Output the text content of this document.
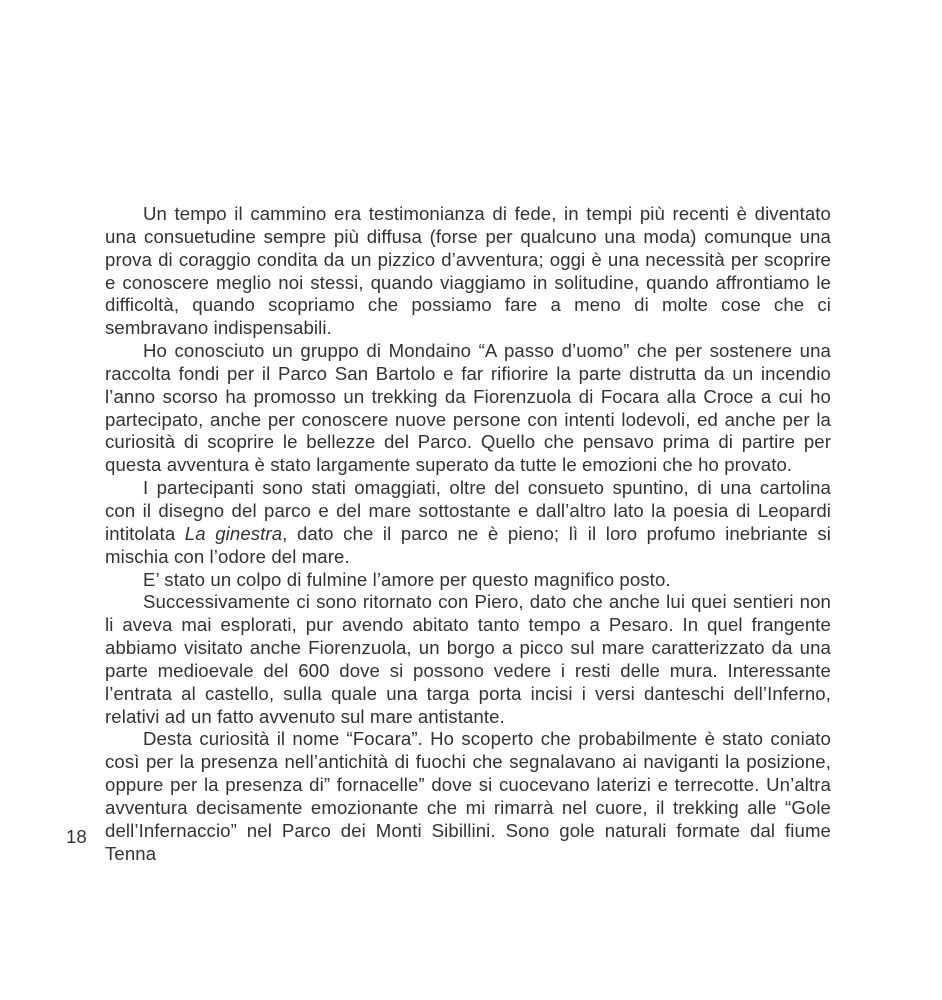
18

Un tempo il cammino era testimonianza di fede, in tempi più recenti è diventato una consuetudine sempre più diffusa (forse per qualcuno una moda) comunque una prova di coraggio condita da un pizzico d’avventura; oggi è una necessità per scoprire e conoscere meglio noi stessi, quando viaggiamo in solitudine, quando affrontiamo le difficoltà, quando scopriamo che possiamo fare a meno di molte cose che ci sembravano indispensabili.

Ho conosciuto un gruppo di Mondaino “A passo d’uomo” che per sostenere una raccolta fondi per il Parco San Bartolo e far rifiorire la parte distrutta da un incendio l’anno scorso ha promosso un trekking da Fiorenzuola di Focara alla Croce a cui ho partecipato, anche per conoscere nuove persone con intenti lodevoli, ed anche per la curiosità di scoprire le bellezze del Parco. Quello che pensavo prima di partire per questa avventura è stato largamente superato da tutte le emozioni che ho provato.

I partecipanti sono stati omaggiati, oltre del consueto spuntino, di una cartolina con il disegno del parco e del mare sottostante e dall’altro lato la poesia di Leopardi intitolata La ginestra, dato che il parco ne è pieno; lì il loro profumo inebriante si mischia con l’odore del mare.

E’ stato un colpo di fulmine l’amore per questo magnifico posto.

Successivamente ci sono ritornato con Piero, dato che anche lui quei sentieri non li aveva mai esplorati, pur avendo abitato tanto tempo a Pesaro. In quel frangente abbiamo visitato anche Fiorenzuola, un borgo a picco sul mare caratterizzato da una parte medioevale del 600 dove si possono vedere i resti delle mura. Interessante l’entrata al castello, sulla quale una targa porta incisi i versi danteschi dell’Inferno, relativi ad un fatto avvenuto sul mare antistante.

Desta curiosità il nome “Focara”. Ho scoperto che probabilmente è stato coniato così per la presenza nell’antichità di fuochi che segnalavano ai naviganti la posizione, oppure per la presenza di” fornacelle” dove si cuocevano laterizi e terrecotte. Un’altra avventura decisamente emozionante che mi rimarrà nel cuore, il trekking alle “Gole dell’Infernaccio” nel Parco dei Monti Sibillini. Sono gole naturali formate dal fiume Tenna
